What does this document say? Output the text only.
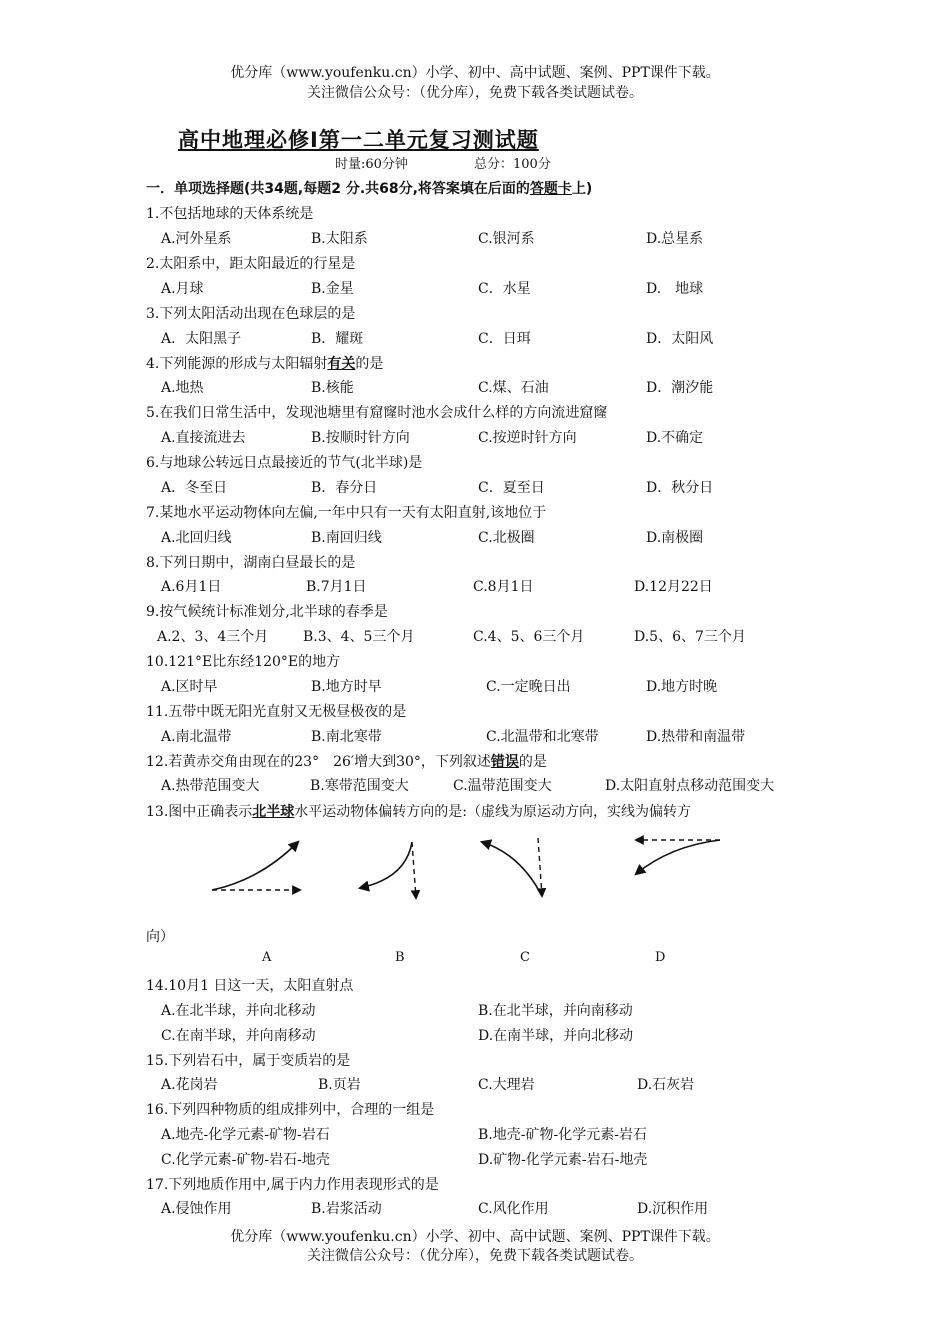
优分库（www.youfenku.cn）小学、初中、高中试题、案例、PPT课件下载。
关注微信公众号：（优分库），免费下载各类试题试卷。
高中地理必修Ⅰ第一二单元复习测试题
时量:60分钟	总分：100分
一．单项选择题(共34题,每题2 分.共68分,将答案填在后面的答题卡上)
1.不包括地球的天体系统是
A.河外星系	B.太阳系	C.银河系	D.总星系
2.太阳系中，距太阳最近的行星是
A.月球	B.金星	C．水星	D.　地球
3.下列太阳活动出现在色球层的是
A．太阳黑子	B．耀斑	C．日珥	D．太阳风
4.下列能源的形成与太阳辐射有关的是
A.地热	B.核能	C.煤、石油	D．潮汐能
5.在我们日常生活中，发现池塘里有窟窿时池水会成什么样的方向流进窟窿
A.直接流进去	B.按顺时针方向	C.按逆时针方向	D.不确定
6.与地球公转远日点最接近的节气(北半球)是
A．冬至日	B．春分日	C．夏至日	D．秋分日
7.某地水平运动物体向左偏,一年中只有一天有太阳直射,该地位于
A.北回归线	B.南回归线	C.北极圈	D.南极圈
8.下列日期中，湖南白昼最长的是
A.6月1日	B.7月1日	C.8月1日	D.12月22日
9.按气候统计标准划分,北半球的春季是
A.2、3、4三个月 B.3、4、5三个月	C.4、5、6三个月	D.5、6、7三个月
10.121°E比东经120°E的地方
A.区时早	B.地方时早	C.一定晚日出	D.地方时晚
11.五带中既无阳光直射又无极昼极夜的是
A.南北温带	B.南北寒带	C.北温带和北寒带	D.热带和南温带
12.若黄赤交角由现在的23°　26′增大到30°，下列叙述错误的是
A.热带范围变大	B.寒带范围变大	C.温带范围变大	D.太阳直射点移动范围变大
13.图中正确表示北半球水平运动物体偏转方向的是:（虚线为原运动方向，实线为偏转方
向）
A	B	C	D
14.10月1 日这一天，太阳直射点
A.在北半球，并向北移动	B.在北半球，并向南移动
C.在南半球，并向南移动	D.在南半球，并向北移动
15.下列岩石中，属于变质岩的是
A.花岗岩	B.页岩	C.大理岩	D.石灰岩
16.下列四种物质的组成排列中，合理的一组是
A.地壳-化学元素-矿物-岩石	B.地壳-矿物-化学元素-岩石
C.化学元素-矿物-岩石-地壳	D.矿物-化学元素-岩石-地壳
17.下列地质作用中,属于内力作用表现形式的是
A.侵蚀作用	B.岩浆活动	C.风化作用	D.沉积作用
优分库（www.youfenku.cn）小学、初中、高中试题、案例、PPT课件下载。
关注微信公众号：（优分库），免费下载各类试题试卷。
